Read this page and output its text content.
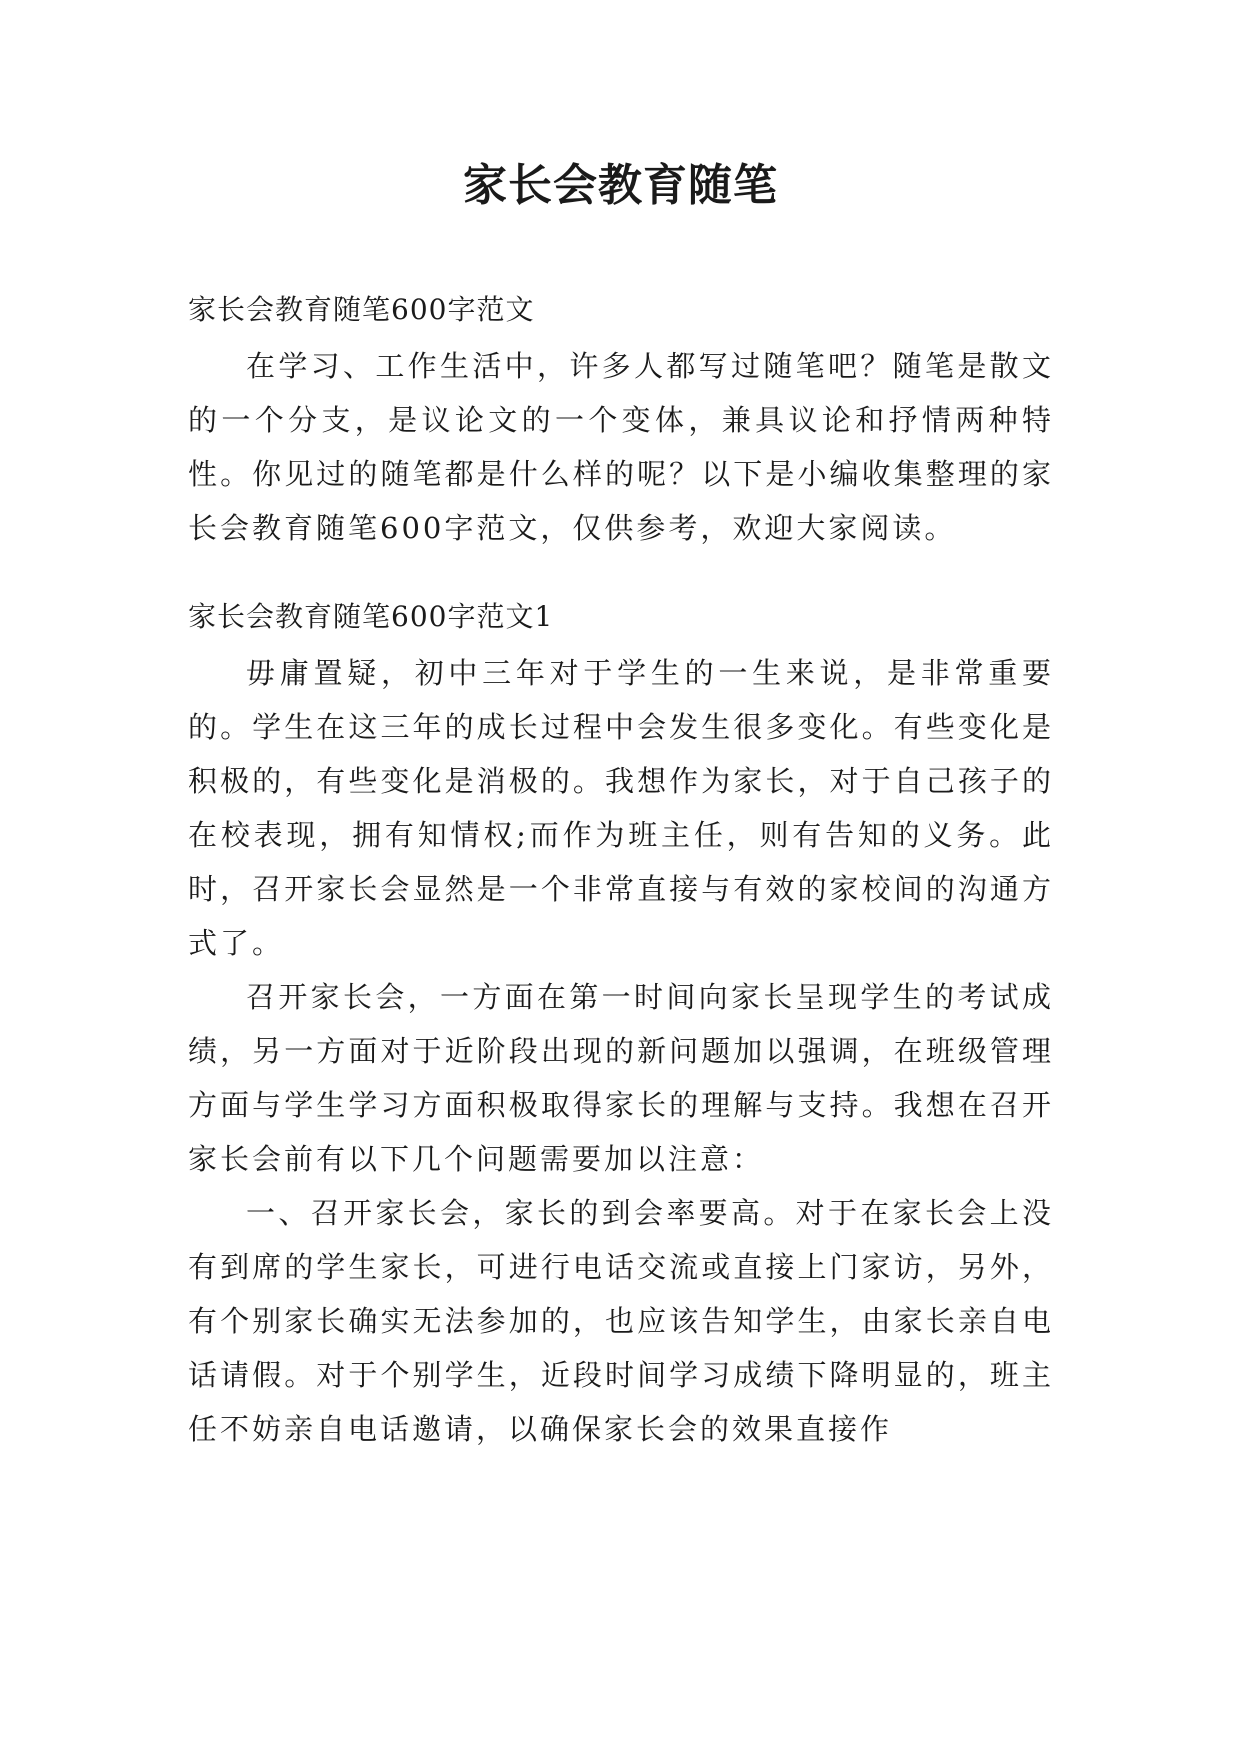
家长会教育随笔

家长会教育随笔600字范文

在学习、工作生活中，许多人都写过随笔吧？随笔是散文的一个分支，是议论文的一个变体，兼具议论和抒情两种特性。你见过的随笔都是什么样的呢？以下是小编收集整理的家长会教育随笔600字范文，仅供参考，欢迎大家阅读。

家长会教育随笔600字范文1

毋庸置疑，初中三年对于学生的一生来说，是非常重要的。学生在这三年的成长过程中会发生很多变化。有些变化是积极的，有些变化是消极的。我想作为家长，对于自己孩子的在校表现，拥有知情权;而作为班主任，则有告知的义务。此时，召开家长会显然是一个非常直接与有效的家校间的沟通方式了。

召开家长会，一方面在第一时间向家长呈现学生的考试成绩，另一方面对于近阶段出现的新问题加以强调，在班级管理方面与学生学习方面积极取得家长的理解与支持。我想在召开家长会前有以下几个问题需要加以注意：

一、召开家长会，家长的到会率要高。对于在家长会上没有到席的学生家长，可进行电话交流或直接上门家访，另外，有个别家长确实无法参加的，也应该告知学生，由家长亲自电话请假。对于个别学生，近段时间学习成绩下降明显的，班主任不妨亲自电话邀请，以确保家长会的效果直接作
